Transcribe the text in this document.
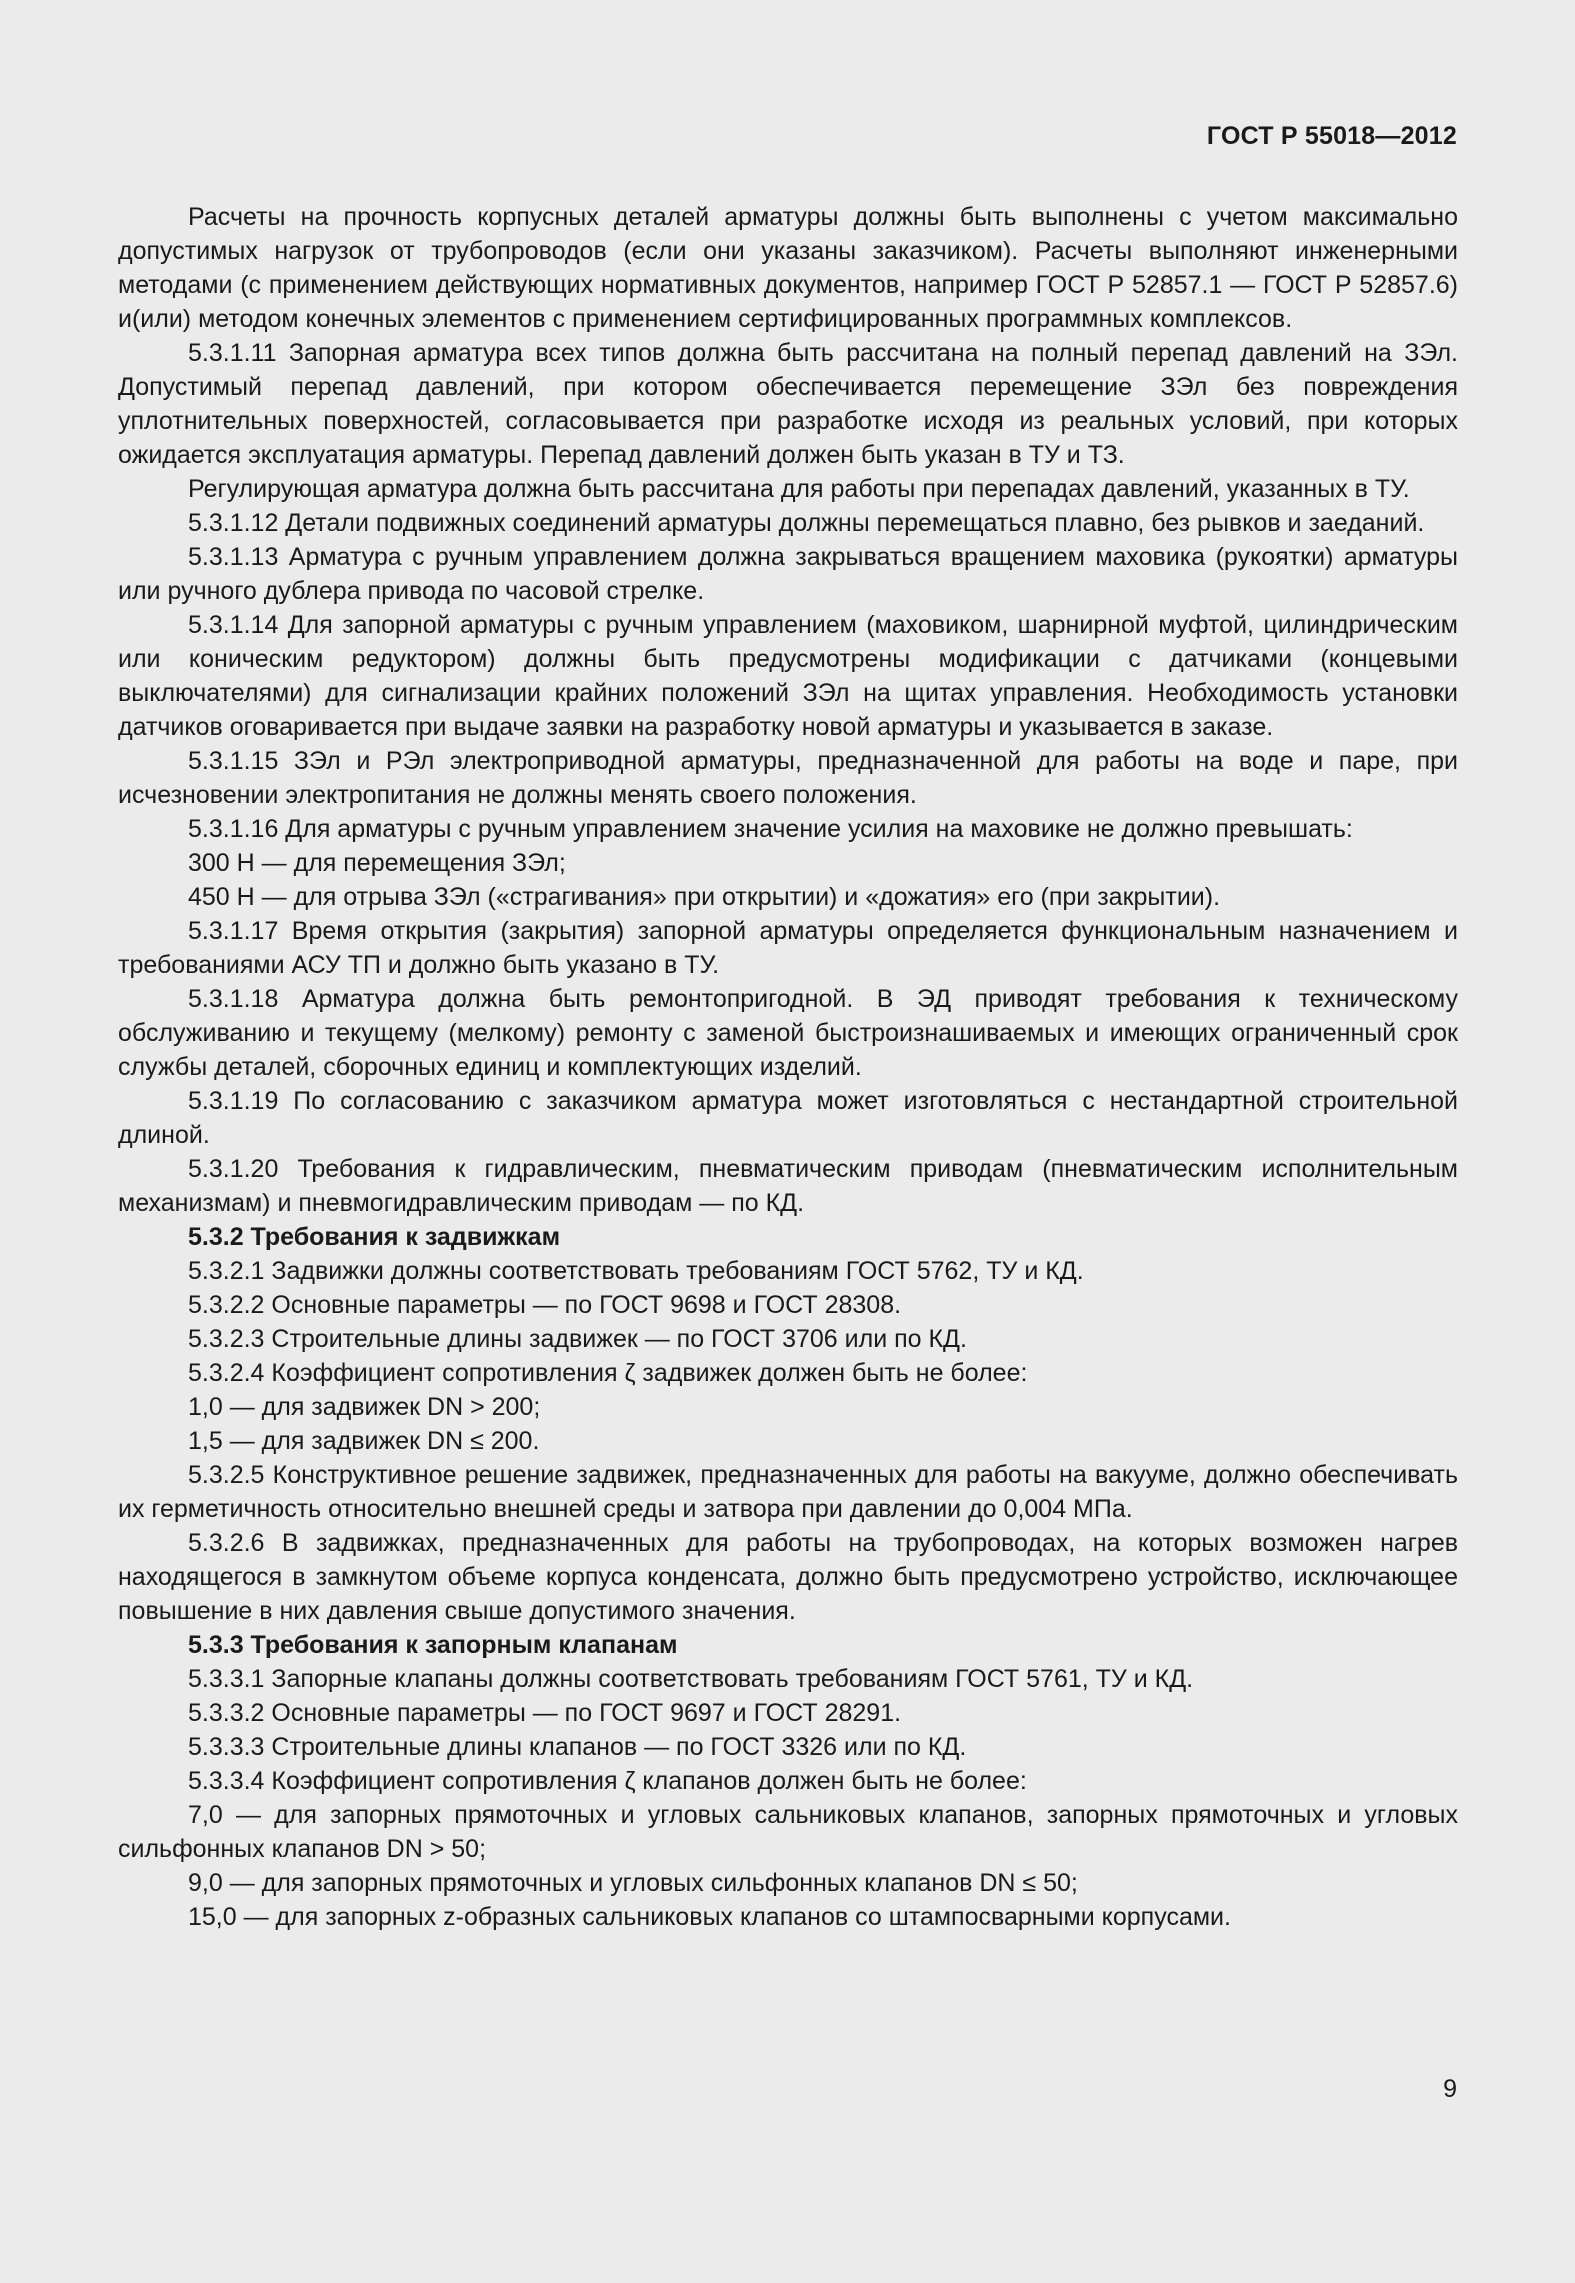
ГОСТ Р 55018—2012

Расчеты на прочность корпусных деталей арматуры должны быть выполнены с учетом максимально допустимых нагрузок от трубопроводов (если они указаны заказчиком). Расчеты выполняют инженерными методами (с применением действующих нормативных документов, например ГОСТ Р 52857.1 — ГОСТ Р 52857.6) и(или) методом конечных элементов с применением сертифицированных программных комплексов.

5.3.1.11 Запорная арматура всех типов должна быть рассчитана на полный перепад давлений на ЗЭл. Допустимый перепад давлений, при котором обеспечивается перемещение ЗЭл без повреждения уплотнительных поверхностей, согласовывается при разработке исходя из реальных условий, при которых ожидается эксплуатация арматуры. Перепад давлений должен быть указан в ТУ и ТЗ.

Регулирующая арматура должна быть рассчитана для работы при перепадах давлений, указанных в ТУ.

5.3.1.12 Детали подвижных соединений арматуры должны перемещаться плавно, без рывков и заеданий.

5.3.1.13 Арматура с ручным управлением должна закрываться вращением маховика (рукоятки) арматуры или ручного дублера привода по часовой стрелке.

5.3.1.14 Для запорной арматуры с ручным управлением (маховиком, шарнирной муфтой, цилиндрическим или коническим редуктором) должны быть предусмотрены модификации с датчиками (концевыми выключателями) для сигнализации крайних положений ЗЭл на щитах управления. Необходимость установки датчиков оговаривается при выдаче заявки на разработку новой арматуры и указывается в заказе.

5.3.1.15 ЗЭл и РЭл электроприводной арматуры, предназначенной для работы на воде и паре, при исчезновении электропитания не должны менять своего положения.

5.3.1.16 Для арматуры с ручным управлением значение усилия на маховике не должно превышать:

300 Н — для перемещения ЗЭл;

450 Н — для отрыва ЗЭл («страгивания» при открытии) и «дожатия» его (при закрытии).

5.3.1.17 Время открытия (закрытия) запорной арматуры определяется функциональным назначением и требованиями АСУ ТП и должно быть указано в ТУ.

5.3.1.18 Арматура должна быть ремонтопригодной. В ЭД приводят требования к техническому обслуживанию и текущему (мелкому) ремонту с заменой быстроизнашиваемых и имеющих ограниченный срок службы деталей, сборочных единиц и комплектующих изделий.

5.3.1.19 По согласованию с заказчиком арматура может изготовляться с нестандартной строительной длиной.

5.3.1.20 Требования к гидравлическим, пневматическим приводам (пневматическим исполнительным механизмам) и пневмогидравлическим приводам — по КД.

5.3.2 Требования к задвижкам

5.3.2.1 Задвижки должны соответствовать требованиям ГОСТ 5762, ТУ и КД.

5.3.2.2 Основные параметры — по ГОСТ 9698 и ГОСТ 28308.

5.3.2.3 Строительные длины задвижек — по ГОСТ 3706 или по КД.

5.3.2.4 Коэффициент сопротивления ζ задвижек должен быть не более:

1,0 — для задвижек DN > 200;

1,5 — для задвижек DN ≤ 200.

5.3.2.5 Конструктивное решение задвижек, предназначенных для работы на вакууме, должно обеспечивать их герметичность относительно внешней среды и затвора при давлении до 0,004 МПа.

5.3.2.6 В задвижках, предназначенных для работы на трубопроводах, на которых возможен нагрев находящегося в замкнутом объеме корпуса конденсата, должно быть предусмотрено устройство, исключающее повышение в них давления свыше допустимого значения.

5.3.3 Требования к запорным клапанам

5.3.3.1 Запорные клапаны должны соответствовать требованиям ГОСТ 5761, ТУ и КД.

5.3.3.2 Основные параметры — по ГОСТ 9697 и ГОСТ 28291.

5.3.3.3 Строительные длины клапанов — по ГОСТ 3326 или по КД.

5.3.3.4 Коэффициент сопротивления ζ клапанов должен быть не более:

7,0 — для запорных прямоточных и угловых сальниковых клапанов, запорных прямоточных и угловых сильфонных клапанов DN > 50;

9,0 — для запорных прямоточных и угловых сильфонных клапанов DN ≤ 50;

15,0 — для запорных z-образных сальниковых клапанов со штампосварными корпусами.

9
